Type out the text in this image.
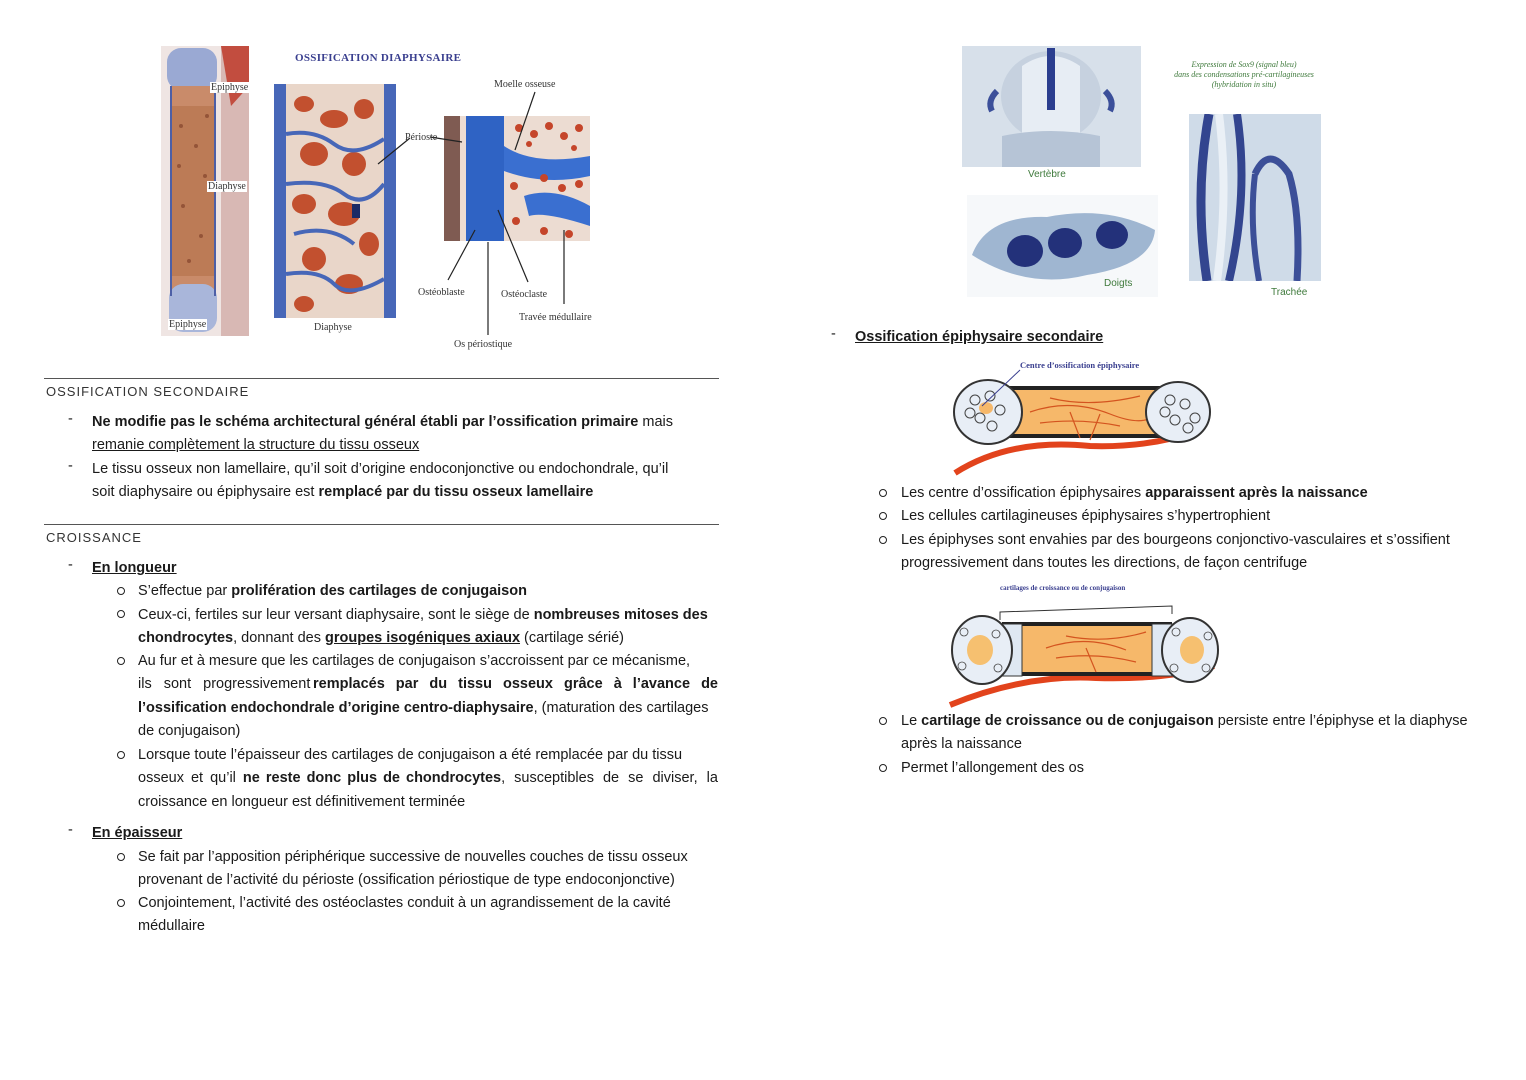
OSSIFICATION DIAPHYSAIRE
Epiphyse
Diaphyse
Epiphyse	Diaphyse
Périoste
Moelle osseuse
Ostéoblaste	Ostéoclaste
Travée médullaire
Os périostique
OSSIFICATION SECONDAIRE
- Ne modifie pas le schéma architectural général établi par l’ossification primaire mais
remanie complètement la structure du tissu osseux
- Le tissu osseux non lamellaire, qu’il soit d’origine endoconjonctive ou endochondrale, qu’il
soit diaphysaire ou épiphysaire est remplacé par du tissu osseux lamellaire
CROISSANCE
- En longueur
S’effectue par prolifération des cartilages de conjugaison
Ceux-ci, fertiles sur leur versant diaphysaire, sont le siège de nombreuses mitoses des
chondrocytes, donnant des groupes isogéniques axiaux (cartilage sérié)
Au fur et à mesure que les cartilages de conjugaison s’accroissent par ce mécanisme,
ils sont progressivement remplacés par du tissu osseux grâce à l’avance de
l’ossification endochondrale d’origine centro-diaphysaire, (maturation des cartilages
de conjugaison)
Lorsque toute l’épaisseur des cartilages de conjugaison a été remplacée par du tissu
osseux et qu’il ne reste donc plus de chondrocytes , susceptibles de se diviser, la
croissance en longueur est définitivement terminée
- En épaisseur
Se fait par l’apposition périphérique successive de nouvelles couches de tissu osseux
provenant de l’activité du périoste (ossification périostique de type endoconjonctive)
Conjointement, l’activité des ostéoclastes conduit à un agrandissement de la cavité
médullaire
Vertèbre
Expression de Sox9 (signal bleu)
dans des condensations pré-cartilagineuses
(hybridation in situ)
Trachée
Doigts
- Ossification épiphysaire secondaire
Centre d’ossification épiphysaire
Les centre d’ossification épiphysaires apparaissent après la naissance
Les cellules cartilagineuses épiphysaires s’hypertrophient
Les épiphyses sont envahies par des bourgeons conjonctivo-vasculaires et s’ossifient
progressivement dans toutes les directions, de façon centrifuge
cartilages de croissance ou de conjugaison
Le cartilage de croissance ou de conjugaison persiste entre l’épiphyse et la diaphyse
après la naissance
Permet l’allongement des os
